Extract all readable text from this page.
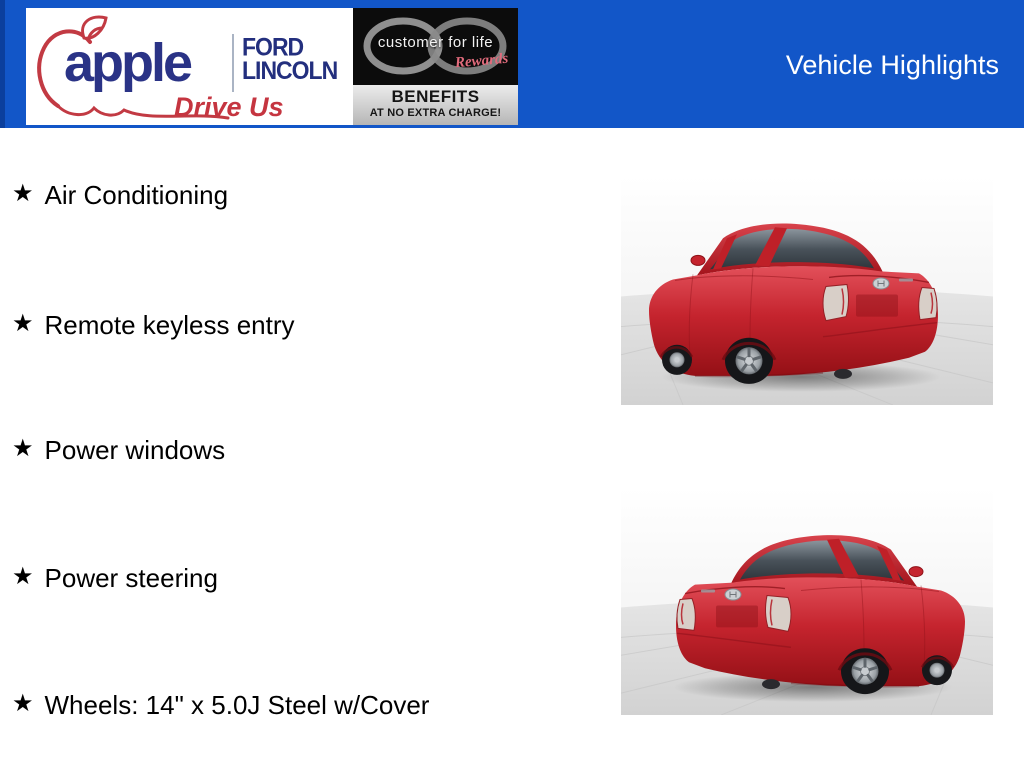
apple FORD
LINCOLN
Drive Us
customer for life
Rewards
BENEFITS
AT NO EXTRA CHARGE!
Vehicle Highlights
★ Air Conditioning
★ Remote keyless entry
★ Power windows
★ Power steering
★ Wheels: 14" x 5.0J Steel w/Cover
